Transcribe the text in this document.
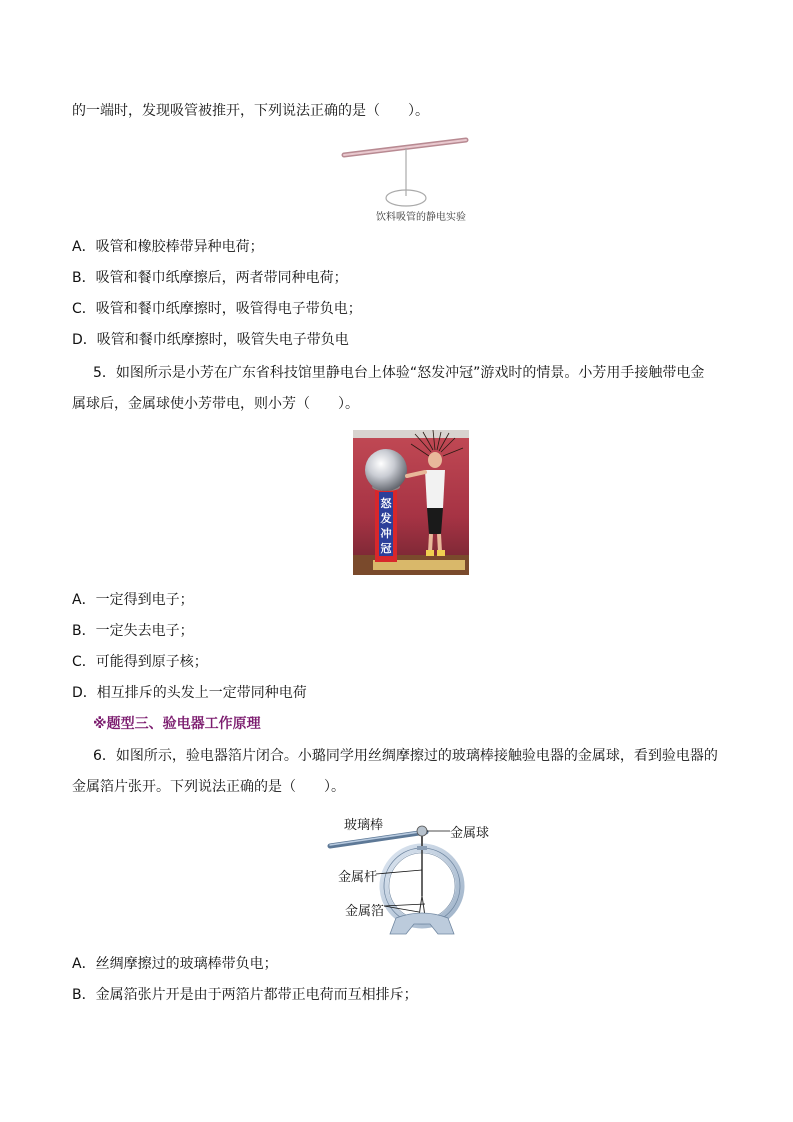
的一端时，发现吸管被推开，下列说法正确的是（　　）。
饮料吸管的静电实验
A．吸管和橡胶棒带异种电荷；
B．吸管和餐巾纸摩擦后，两者带同种电荷；
C．吸管和餐巾纸摩擦时，吸管得电子带负电；
D．吸管和餐巾纸摩擦时，吸管失电子带负电
5．如图所示是小芳在广东省科技馆里静电台上体验“怒发冲冠”游戏时的情景。小芳用手接触带电金
属球后，金属球使小芳带电，则小芳（　　）。
怒
发
冲
冠
A．一定得到电子；
B．一定失去电子；
C．可能得到原子核；
D．相互排斥的头发上一定带同种电荷
※题型三、验电器工作原理
6．如图所示，验电器箔片闭合。小璐同学用丝绸摩擦过的玻璃棒接触验电器的金属球，看到验电器的
金属箔片张开。下列说法正确的是（　　）。
玻璃棒
金属球
金属杆
金属箔
A．丝绸摩擦过的玻璃棒带负电；
B．金属箔张片开是由于两箔片都带正电荷而互相排斥；
